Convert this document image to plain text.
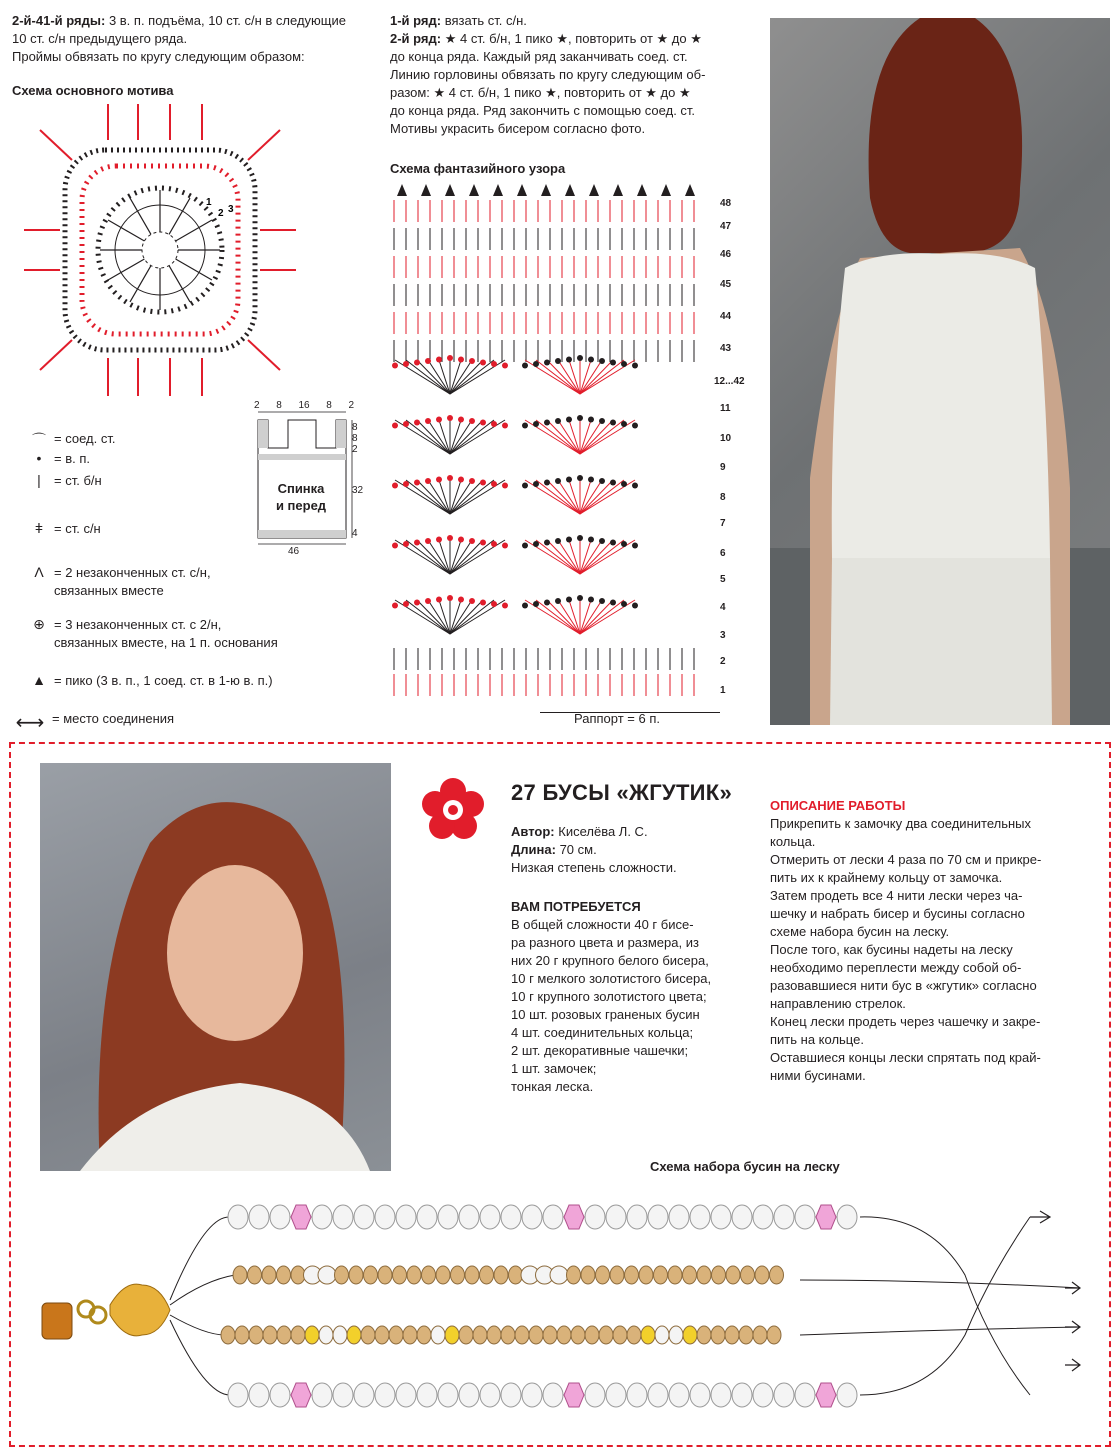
2-й-41-й ряды: 3 в. п. подъёма, 10 ст. с/н в следующие
10 ст. с/н предыдущего ряда.
Проймы обвязать по кругу следующим образом:
1-й ряд: вязать ст. с/н.
2-й ряд: ★ 4 ст. б/н, 1 пико ★, повторить от ★ до ★
до конца ряда. Каждый ряд заканчивать соед. ст.
Линию горловины обвязать по кругу следующим об-
разом: ★ 4 ст. б/н, 1 пико ★, повторить от ★ до ★
до конца ряда. Ряд закончить с помощью соед. ст.
Мотивы украсить бисером согласно фото.
Схема основного мотива
1
2 3
2 8 16 8 2
8
8
2
32
4
Спинка
и перед
46
⌒ = соед. ст.
• = в. п.
|	= ст. б/н
ǂ = ст. с/н
Λ = 2 незаконченных ст. с/н,
связанных вместе
⊕ = 3 незаконченных ст. с 2/н,
связанных вместе, на 1 п. основания
▲ = пико (3 в. п., 1 соед. ст. в 1-ю в. п.)
⟷ = место соединения
Схема фантазийного узора
48
47
46
45
44
43
12...42
11
10
9
8
7
6
5
4
3
2
1
Раппорт = 6 п.
27 БУСЫ «ЖГУТИК»
Автор: Киселёва Л. С.
Длина: 70 см.
Низкая степень сложности.
ВАМ ПОТРЕБУЕТСЯ
В общей сложности 40 г бисе-
ра разного цвета и размера, из
них 20 г крупного белого бисера,
10 г мелкого золотистого бисера,
10 г крупного золотистого цвета;
10 шт. розовых граненых бусин
4 шт. соединительных кольца;
2 шт. декоративные чашечки;
1 шт. замочек;
тонкая леска.
ОПИСАНИЕ РАБОТЫ
Прикрепить к замочку два соединительных
кольца.
Отмерить от лески 4 раза по 70 см и прикре-
пить их к крайнему кольцу от замочка.
Затем продеть все 4 нити лески через ча-
шечку и набрать бисер и бусины согласно
схеме набора бусин на леску.
После того, как бусины надеты на леску
необходимо переплести между собой об-
разовавшиеся нити бус в «жгутик» согласно
направлению стрелок.
Конец лески продеть через чашечку и закре-
пить на кольце.
Оставшиеся концы лески спрятать под край-
ними бусинами.
Схема набора бусин на леску
